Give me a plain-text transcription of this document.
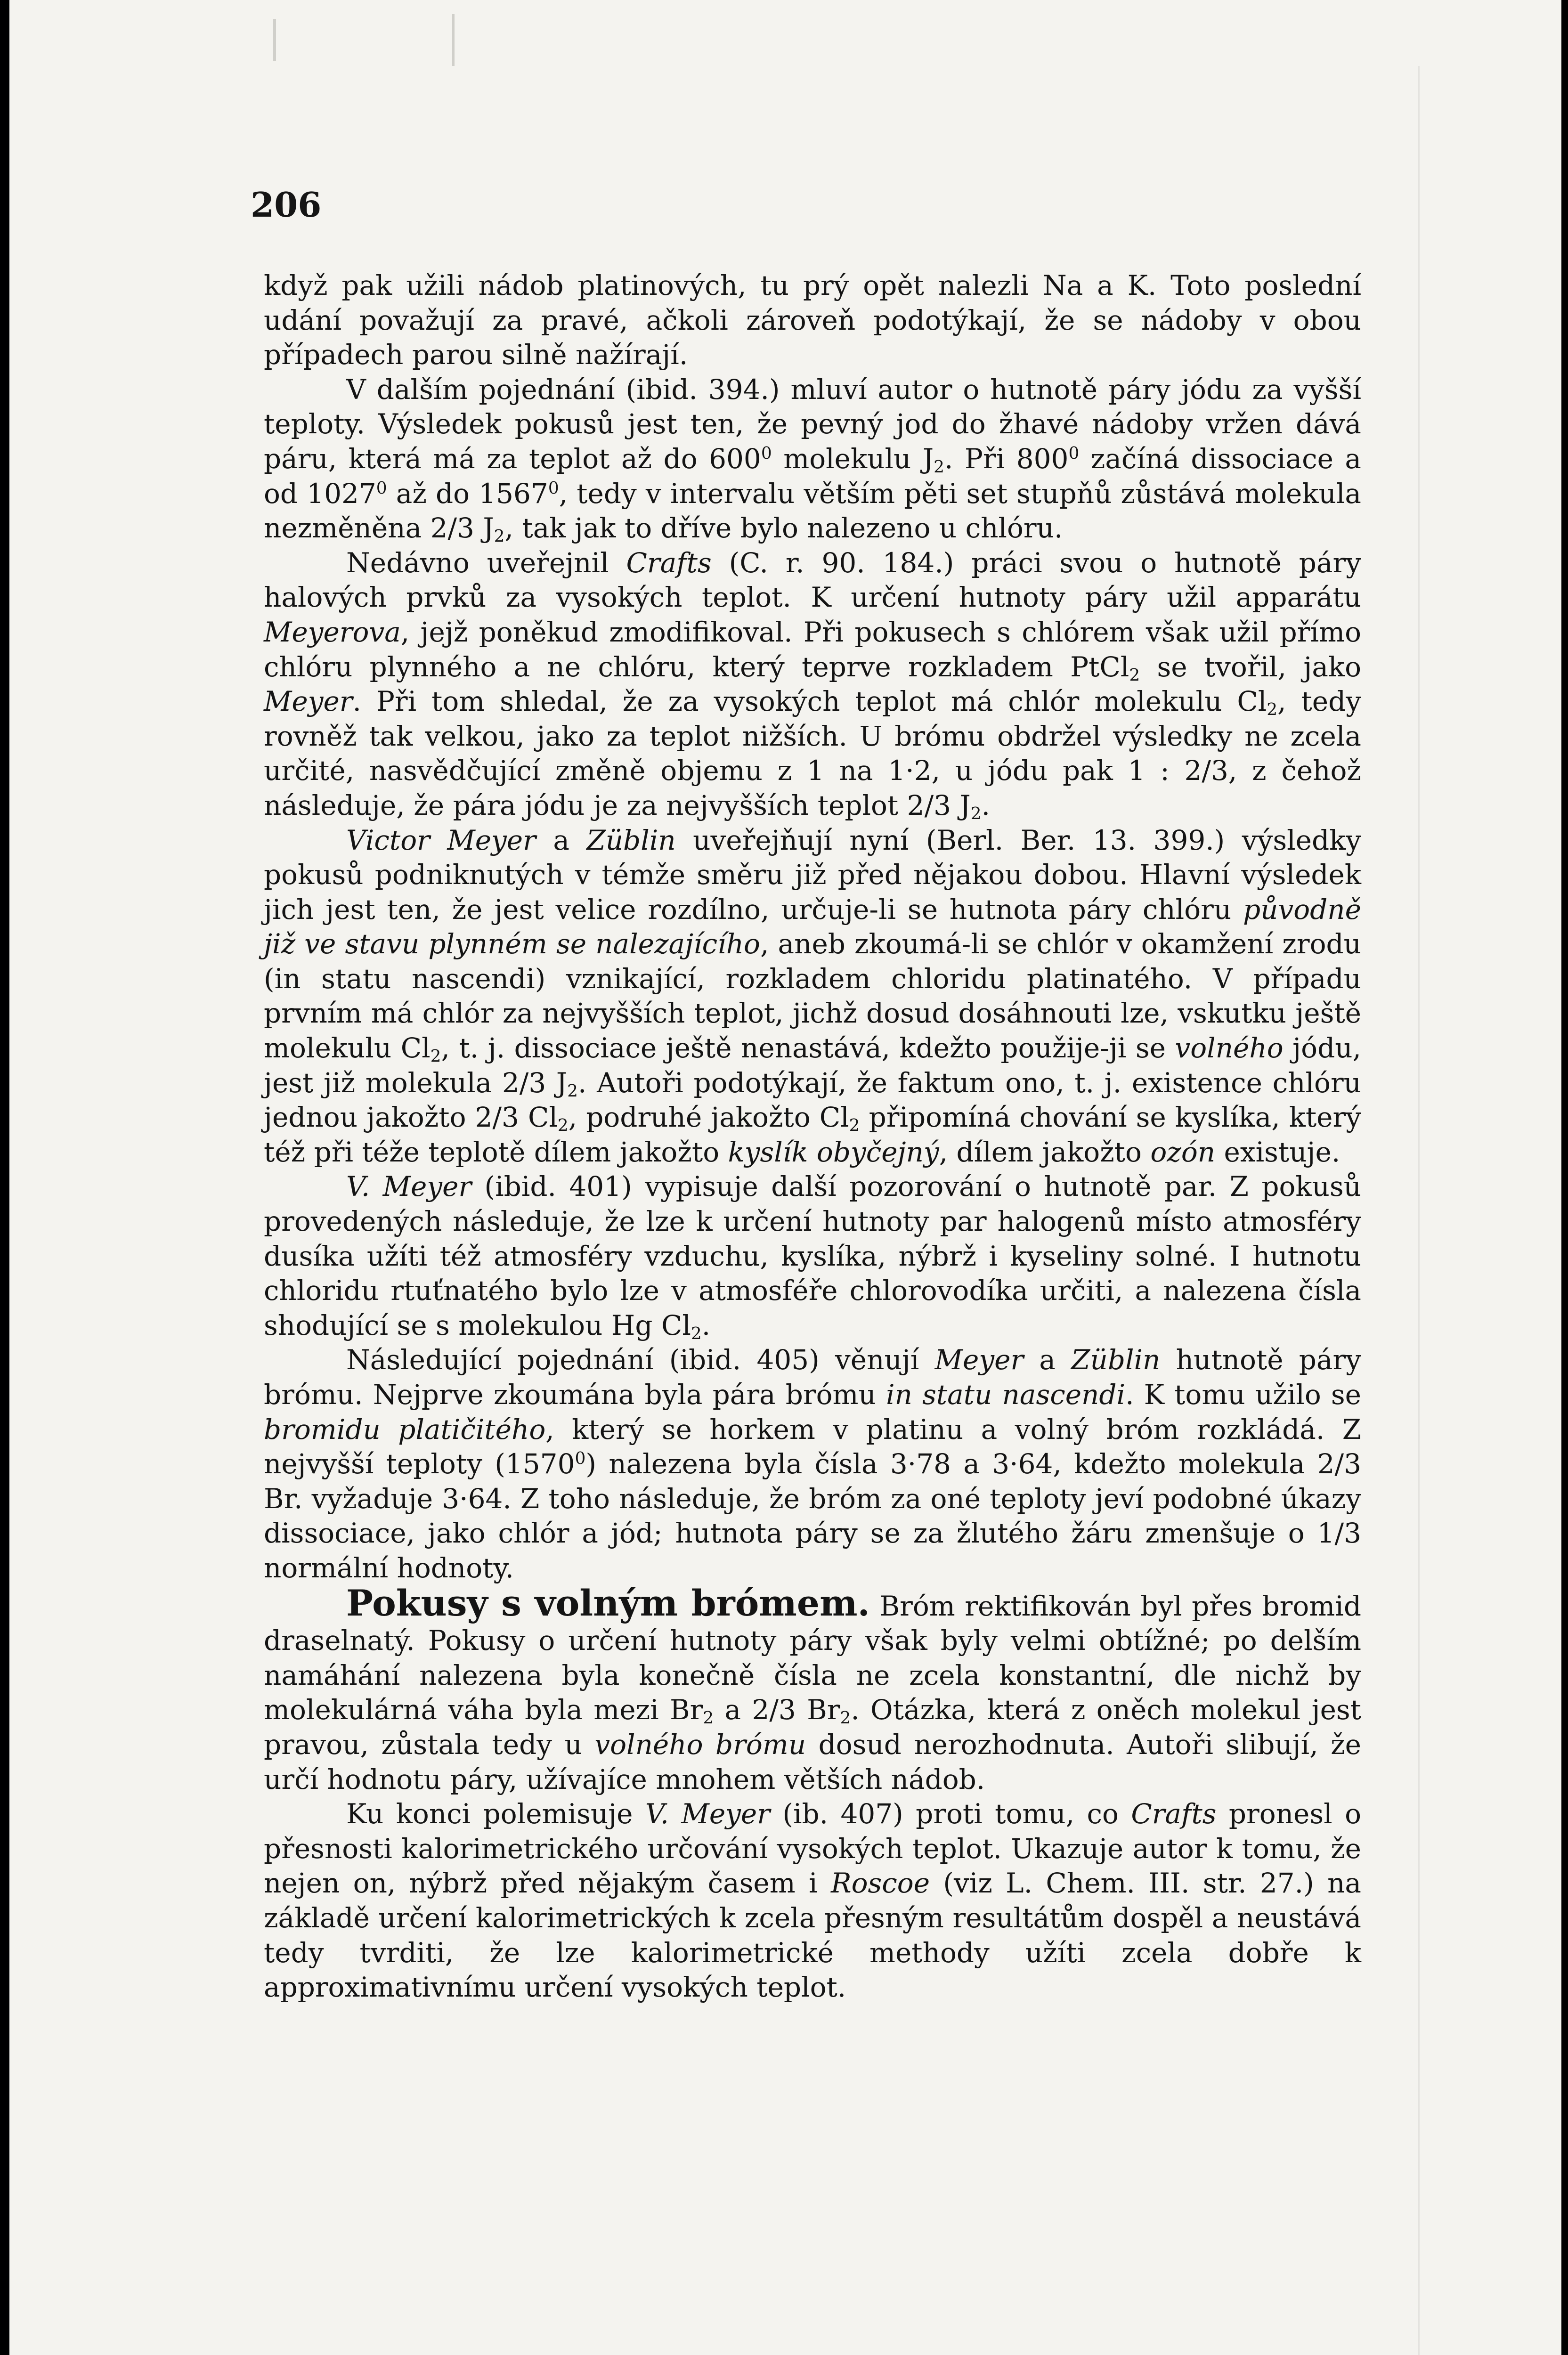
206

když pak užili nádob platinových, tu prý opět nalezli Na a K. Toto poslední udání považují za pravé, ačkoli zároveň podotýkají, že se nádoby v obou případech parou silně nažírají.

V dalším pojednání (ibid. 394.) mluví autor o hutnotě páry jódu za vyšší teploty. Výsledek pokusů jest ten, že pevný jod do žhavé nádoby vržen dává páru, která má za teplot až do $600^0$ molekulu $J_2$. Při $800^0$ začíná dissociace a od 1027$^0$ až do 1567$^0$, tedy v intervalu větším pěti set stupňů zůstává molekula nezměněna 2/3 $J_2$, tak jak to dříve bylo nalezeno u chlóru.

Nedávno uveřejnil Crafts (C. r. 90. 184.) práci svou o hutnotě páry halových prvků za vysokých teplot. K určení hutnoty páry užil apparátu Meyerova, jejž poněkud zmodifikoval. Při pokusech s chlórem však užil přímo chlóru plynného a ne chlóru, který teprve rozkladem PtCl$_2$ se tvořil, jako Meyer. Při tom shledal, že za vysokých teplot má chlór molekulu $Cl_2$, tedy rovněž tak velkou, jako za teplot nižších. U brómu obdržel výsledky ne zcela určité, nasvědčující změně objemu z 1 na 1·2, u jódu pak 1 : 2/3, z čehož následuje, že pára jódu je za nejvyšších teplot 2/3 $J_2$.

Victor Meyer a Züblin uveřejňují nyní (Berl. Ber. 13. 399.) výsledky pokusů podniknutých v témže směru již před nějakou dobou. Hlavní výsledek jich jest ten, že jest velice rozdílno, určuje-li se hutnota páry chlóru původně již ve stavu plynném se nalezajícího, aneb zkoumá-li se chlór v okamžení zrodu (in statu nascendi) vznikající, rozkladem chloridu platinatého. V případu prvním má chlór za nejvyšších teplot, jichž dosud dosáhnouti lze, vskutku ještě molekulu $Cl_2$, t. j. dissociace ještě nenastává, kdežto použije-ji se volného jódu, jest již molekula 2/3 $J_2$. Autoři podotýkají, že faktum ono, t. j. existence chlóru jednou jakožto 2/3 $Cl_2$, podruhé jakožto $Cl_2$ připomíná chování se kyslíka, který též při téže teplotě dílem jakožto kyslík obyčejný, dílem jakožto ozón existuje.

V. Meyer (ibid. 401) vypisuje další pozorování o hutnotě par. Z pokusů provedených následuje, že lze k určení hutnoty par halogenů místo atmosféry dusíka užíti též atmosféry vzduchu, kyslíka, nýbrž i kyseliny solné. I hutnotu chloridu rtuťnatého bylo lze v atmosféře chlorovodíka určiti, a nalezena čísla shodující se s molekulou Hg $Cl_2$.

Následující pojednání (ibid. 405) věnují Meyer a Züblin hutnotě páry brómu. Nejprve zkoumána byla pára brómu in statu nascendi. K tomu užilo se bromidu platičitého, který se horkem v platinu a volný bróm rozkládá. Z nejvyšší teploty (1570$^0$) nalezena byla čísla 3·78 a 3·64, kdežto molekula 2/3 Br. vyžaduje 3·64. Z toho následuje, že bróm za oné teploty jeví podobné úkazy dissociace, jako chlór a jód; hutnota páry se za žlutého žáru zmenšuje o 1/3 normální hodnoty.

Pokusy s volným brómem. Bróm rektifikován byl přes bromid draselnatý. Pokusy o určení hutnoty páry však byly velmi obtížné; po delším namáhání nalezena byla konečně čísla ne zcela konstantní, dle nichž by molekulárná váha byla mezi $Br_2$ a 2/3 $Br_2$. Otázka, která z oněch molekul jest pravou, zůstala tedy u volného brómu dosud nerozhodnuta. Autoři slibují, že určí hodnotu páry, užívajíce mnohem větších nádob.

Ku konci polemisuje V. Meyer (ib. 407) proti tomu, co Crafts pronesl o přesnosti kalorimetrického určování vysokých teplot. Ukazuje autor k tomu, že nejen on, nýbrž před nějakým časem i Roscoe (viz L. Chem. III. str. 27.) na základě určení kalorimetrických k zcela přesným resultátům dospěl a neustává tedy tvrditi, že lze kalorimetrické methody užíti zcela dobře k approximativnímu určení vysokých teplot.
